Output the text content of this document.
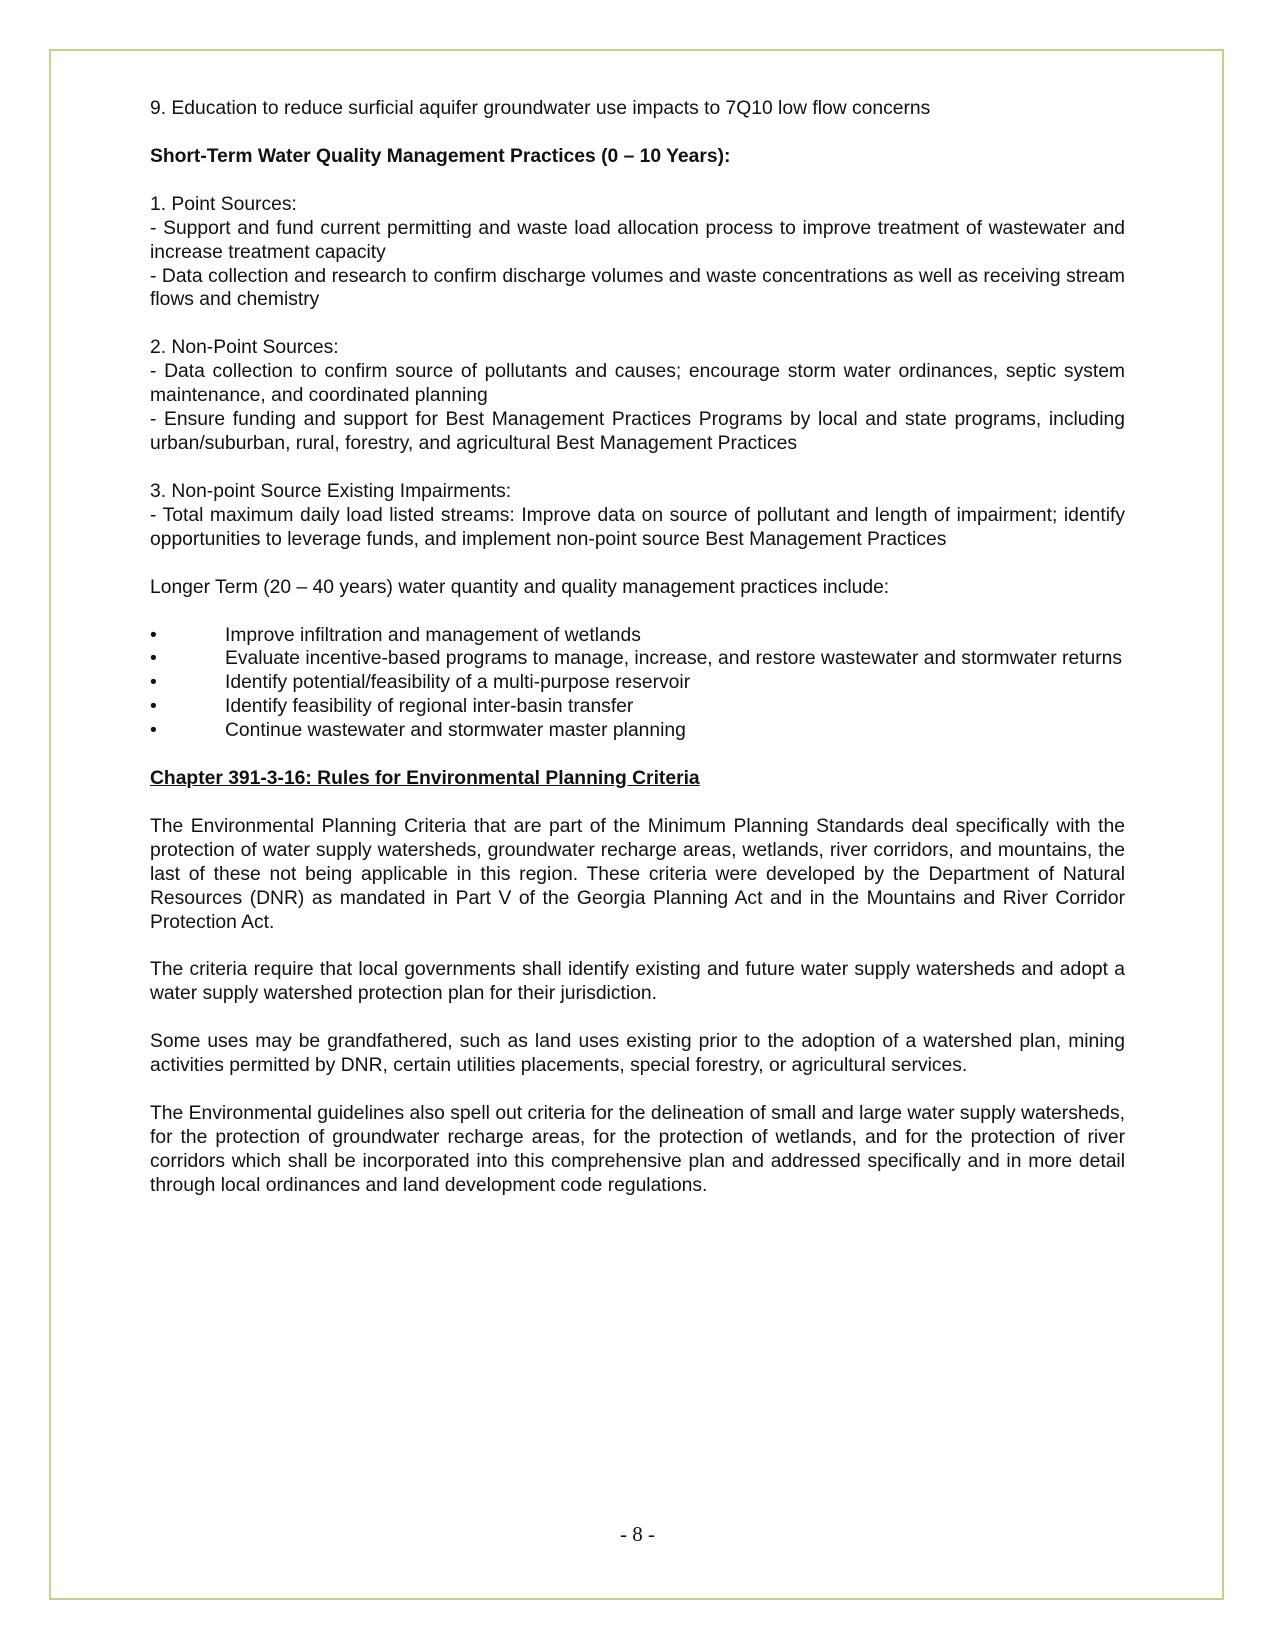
9. Education to reduce surficial aquifer groundwater use impacts to 7Q10 low flow concerns

Short-Term Water Quality Management Practices (0 – 10 Years):

1. Point Sources:

- Support and fund current permitting and waste load allocation process to improve treatment of wastewater and increase treatment capacity

- Data collection and research to confirm discharge volumes and waste concentrations as well as receiving stream flows and chemistry

2. Non-Point Sources:

- Data collection to confirm source of pollutants and causes; encourage storm water ordinances, septic system maintenance, and coordinated planning

- Ensure funding and support for Best Management Practices Programs by local and state programs, including urban/suburban, rural, forestry, and agricultural Best Management Practices

3. Non-point Source Existing Impairments:

- Total maximum daily load listed streams: Improve data on source of pollutant and length of impairment; identify opportunities to leverage funds, and implement non-point source Best Management Practices

Longer Term (20 – 40 years) water quantity and quality management practices include:

•	Improve infiltration and management of wetlands
•	Evaluate incentive-based programs to manage, increase, and restore wastewater and stormwater returns
•	Identify potential/feasibility of a multi-purpose reservoir
•	Identify feasibility of regional inter-basin transfer
•	Continue wastewater and stormwater master planning

Chapter 391-3-16: Rules for Environmental Planning Criteria

The Environmental Planning Criteria that are part of the Minimum Planning Standards deal specifically with the protection of water supply watersheds, groundwater recharge areas, wetlands, river corridors, and mountains, the last of these not being applicable in this region. These criteria were developed by the Department of Natural Resources (DNR) as mandated in Part V of the Georgia Planning Act and in the Mountains and River Corridor Protection Act.

The criteria require that local governments shall identify existing and future water supply watersheds and adopt a water supply watershed protection plan for their jurisdiction.

Some uses may be grandfathered, such as land uses existing prior to the adoption of a watershed plan, mining activities permitted by DNR, certain utilities placements, special forestry, or agricultural services.

The Environmental guidelines also spell out criteria for the delineation of small and large water supply watersheds, for the protection of groundwater recharge areas, for the protection of wetlands, and for the protection of river corridors which shall be incorporated into this comprehensive plan and addressed specifically and in more detail through local ordinances and land development code regulations.

- 8 -
